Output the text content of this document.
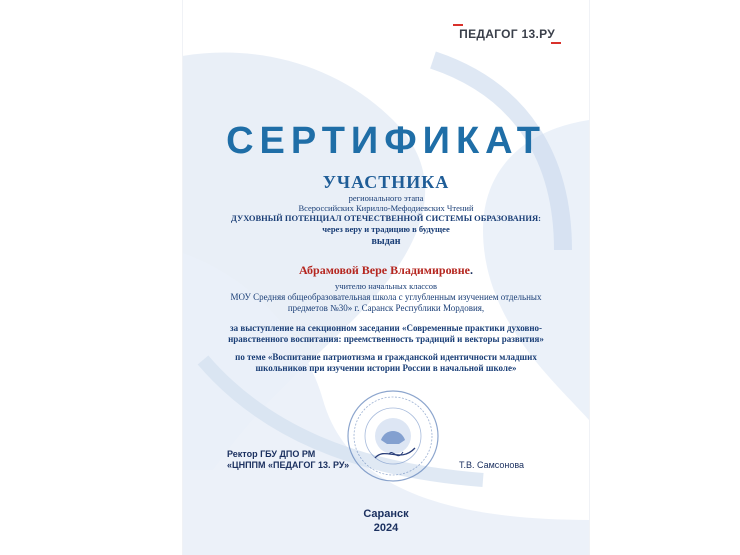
ПЕДАГОГ 13.РУ
СЕРТИФИКАТ
УЧАСТНИКА
регионального этапа
Всероссийских Кирилло-Мефодиевских Чтений
ДУХОВНЫЙ ПОТЕНЦИАЛ ОТЕЧЕСТВЕННОЙ СИСТЕМЫ ОБРАЗОВАНИЯ:
через веру и традицию в будущее
выдан
Абрамовой Вере Владимировне.
учителю начальных классов
МОУ Средняя общеобразовательная школа с углубленным изучением отдельных
предметов №30» г. Саранск Республики Мордовия,
за выступление на секционном заседании «Современные практики духовно-
нравственного воспитания: преемственность традиций и векторы развития»
по теме «Воспитание патриотизма и гражданской идентичности младших
школьников при изучении истории России в начальной школе»
Ректор ГБУ ДПО РМ
«ЦНППМ «ПЕДАГОГ 13. РУ»	Т.В. Самсонова
Саранск
2024
